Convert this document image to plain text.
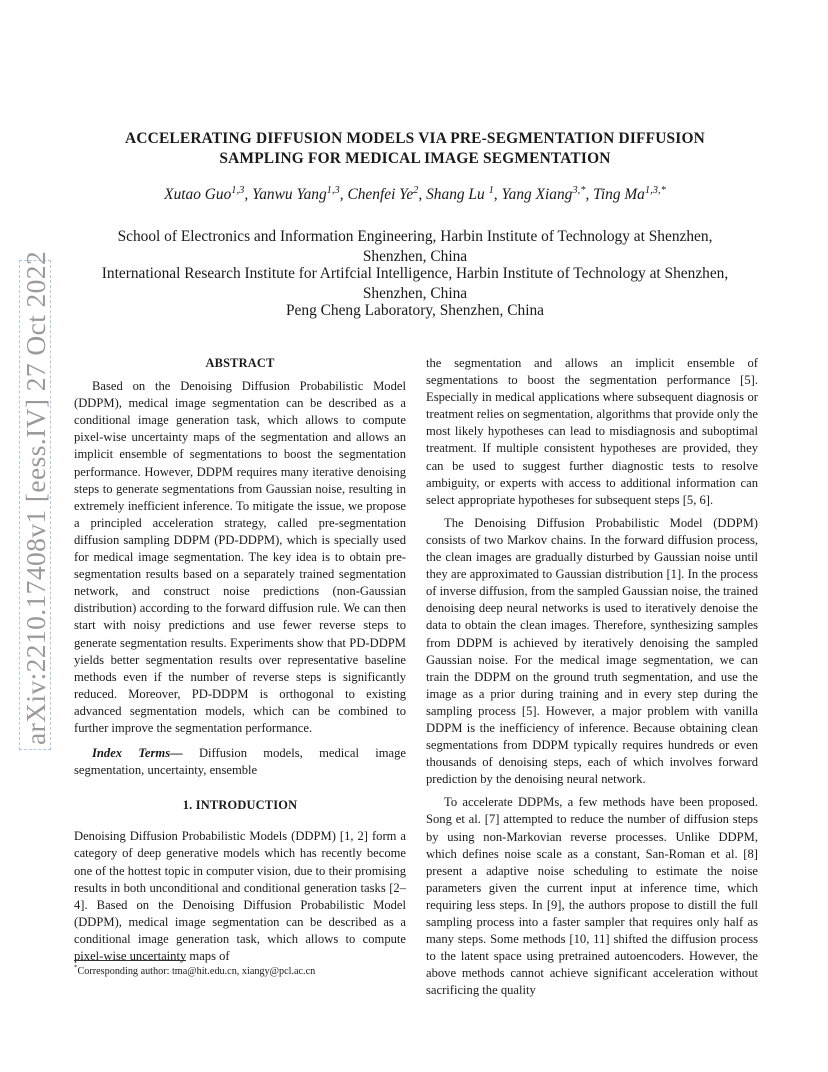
arXiv:2210.17408v1 [eess.IV] 27 Oct 2022
ACCELERATING DIFFUSION MODELS VIA PRE-SEGMENTATION DIFFUSION
SAMPLING FOR MEDICAL IMAGE SEGMENTATION
Xutao Guo$^{1,3}$, Yanwu Yang$^{1,3}$, Chenfei Ye$^2$, Shang Lu $^1$, Yang Xiang$^{3,*}$, Ting $Ma^{1,3,*}$
School of Electronics and Information Engineering, Harbin Institute of Technology at Shenzhen,
Shenzhen, China
International Research Institute for Artifcial Intelligence, Harbin Institute of Technology at Shenzhen,
Shenzhen, China
Peng Cheng Laboratory, Shenzhen, China

ABSTRACT

Based on the Denoising Diffusion Probabilistic Model (DDPM), medical image segmentation can be described as a conditional image generation task, which allows to compute pixel-wise uncertainty maps of the segmentation and allows an implicit ensemble of segmentations to boost the segmentation performance. However, DDPM requires many iterative denoising steps to generate segmentations from Gaussian noise, resulting in extremely inefficient inference. To mitigate the issue, we propose a principled acceleration strategy, called pre-segmentation diffusion sampling DDPM (PD-DDPM), which is specially used for medical image segmentation. The key idea is to obtain pre-segmentation results based on a separately trained segmentation network, and construct noise predictions (non-Gaussian distribution) according to the forward diffusion rule. We can then start with noisy predictions and use fewer reverse steps to generate segmentation results. Experiments show that PD-DDPM yields better segmentation results over representative baseline methods even if the number of reverse steps is significantly reduced. Moreover, PD-DDPM is orthogonal to existing advanced segmentation models, which can be combined to further improve the segmentation performance.

Index Terms— Diffusion models, medical image segmentation, uncertainty, ensemble

1. INTRODUCTION

Denoising Diffusion Probabilistic Models (DDPM) [1, 2] form a category of deep generative models which has recently become one of the hottest topic in computer vision, due to their promising results in both unconditional and conditional generation tasks [2–4]. Based on the Denoising Diffusion Probabilistic Model (DDPM), medical image segmentation can be described as a conditional image generation task, which allows to compute pixel-wise uncertainty maps of

the segmentation and allows an implicit ensemble of segmentations to boost the segmentation performance [5]. Especially in medical applications where subsequent diagnosis or treatment relies on segmentation, algorithms that provide only the most likely hypotheses can lead to misdiagnosis and suboptimal treatment. If multiple consistent hypotheses are provided, they can be used to suggest further diagnostic tests to resolve ambiguity, or experts with access to additional information can select appropriate hypotheses for subsequent steps [5, 6].

The Denoising Diffusion Probabilistic Model (DDPM) consists of two Markov chains. In the forward diffusion process, the clean images are gradually disturbed by Gaussian noise until they are approximated to Gaussian distribution [1]. In the process of inverse diffusion, from the sampled Gaussian noise, the trained denoising deep neural networks is used to iteratively denoise the data to obtain the clean images. Therefore, synthesizing samples from DDPM is achieved by iteratively denoising the sampled Gaussian noise. For the medical image segmentation, we can train the DDPM on the ground truth segmentation, and use the image as a prior during training and in every step during the sampling process [5]. However, a major problem with vanilla DDPM is the inefficiency of inference. Because obtaining clean segmentations from DDPM typically requires hundreds or even thousands of denoising steps, each of which involves forward prediction by the denoising neural network.

To accelerate DDPMs, a few methods have been proposed. Song et al. [7] attempted to reduce the number of diffusion steps by using non-Markovian reverse processes. Unlike DDPM, which defines noise scale as a constant, San-Roman et al. [8] present a adaptive noise scheduling to estimate the noise parameters given the current input at inference time, which requiring less steps. In [9], the authors propose to distill the full sampling process into a faster sampler that requires only half as many steps. Some methods [10, 11] shifted the diffusion process to the latent space using pretrained autoencoders. However, the above methods cannot achieve significant acceleration without sacrificing the quality

*Corresponding author: tma@hit.edu.cn, xiangy@pcl.ac.cn
